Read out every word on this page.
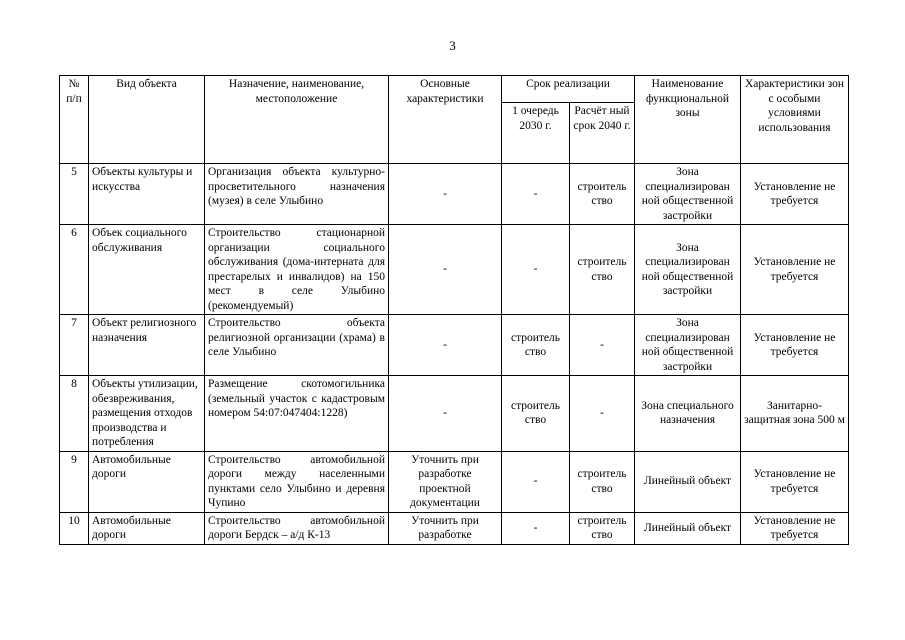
3
№ п/п	Вид объекта	Назначение, наименование, местоположение	Основные характеристики	Срок реализации		Наименование функциональной зоны	Характеристики зон с особыми условиями использования
				1 очередь 2030 г.	Расчёт ный срок 2040 г.		
5	Объекты культуры и искусства	Организация объекта культурно-просветительного назначения (музея) в селе Улыбино	-	-	строитель ство	Зона специализирован ной общественной застройки	Установление не требуется
6	Объек социального обслуживания	Строительство стационарной организации социального обслуживания (дома-интерната для престарелых и инвалидов) на 150 мест в селе Улыбино (рекомендуемый)	-	-	строитель ство	Зона специализирован ной общественной застройки	Установление не требуется
7	Объект религиозного назначения	Строительство объекта религиозной организации (храма) в селе Улыбино	-	строитель ство	-	Зона специализирован ной общественной застройки	Установление не требуется
8	Объекты утилизации, обезвреживания, размещения отходов производства и потребления	Размещение скотомогильника (земельный участок с кадастровым номером 54:07:047404:1228)	-	строитель ство	-	Зона специального назначения	Занитарно-защитная зона 500 м
9	Автомобильные дороги	Строительство автомобильной дороги между населенными пунктами село Улыбино и деревня Чупино	Уточнить при разработке проектной документации	-	строитель ство	Линейный объект	Установление не требуется
10	Автомобильные дороги	Строительство автомобильной дороги Бердск – а/д К-13	Уточнить при разработке	-	строитель ство	Линейный объект	Установление не требуется
